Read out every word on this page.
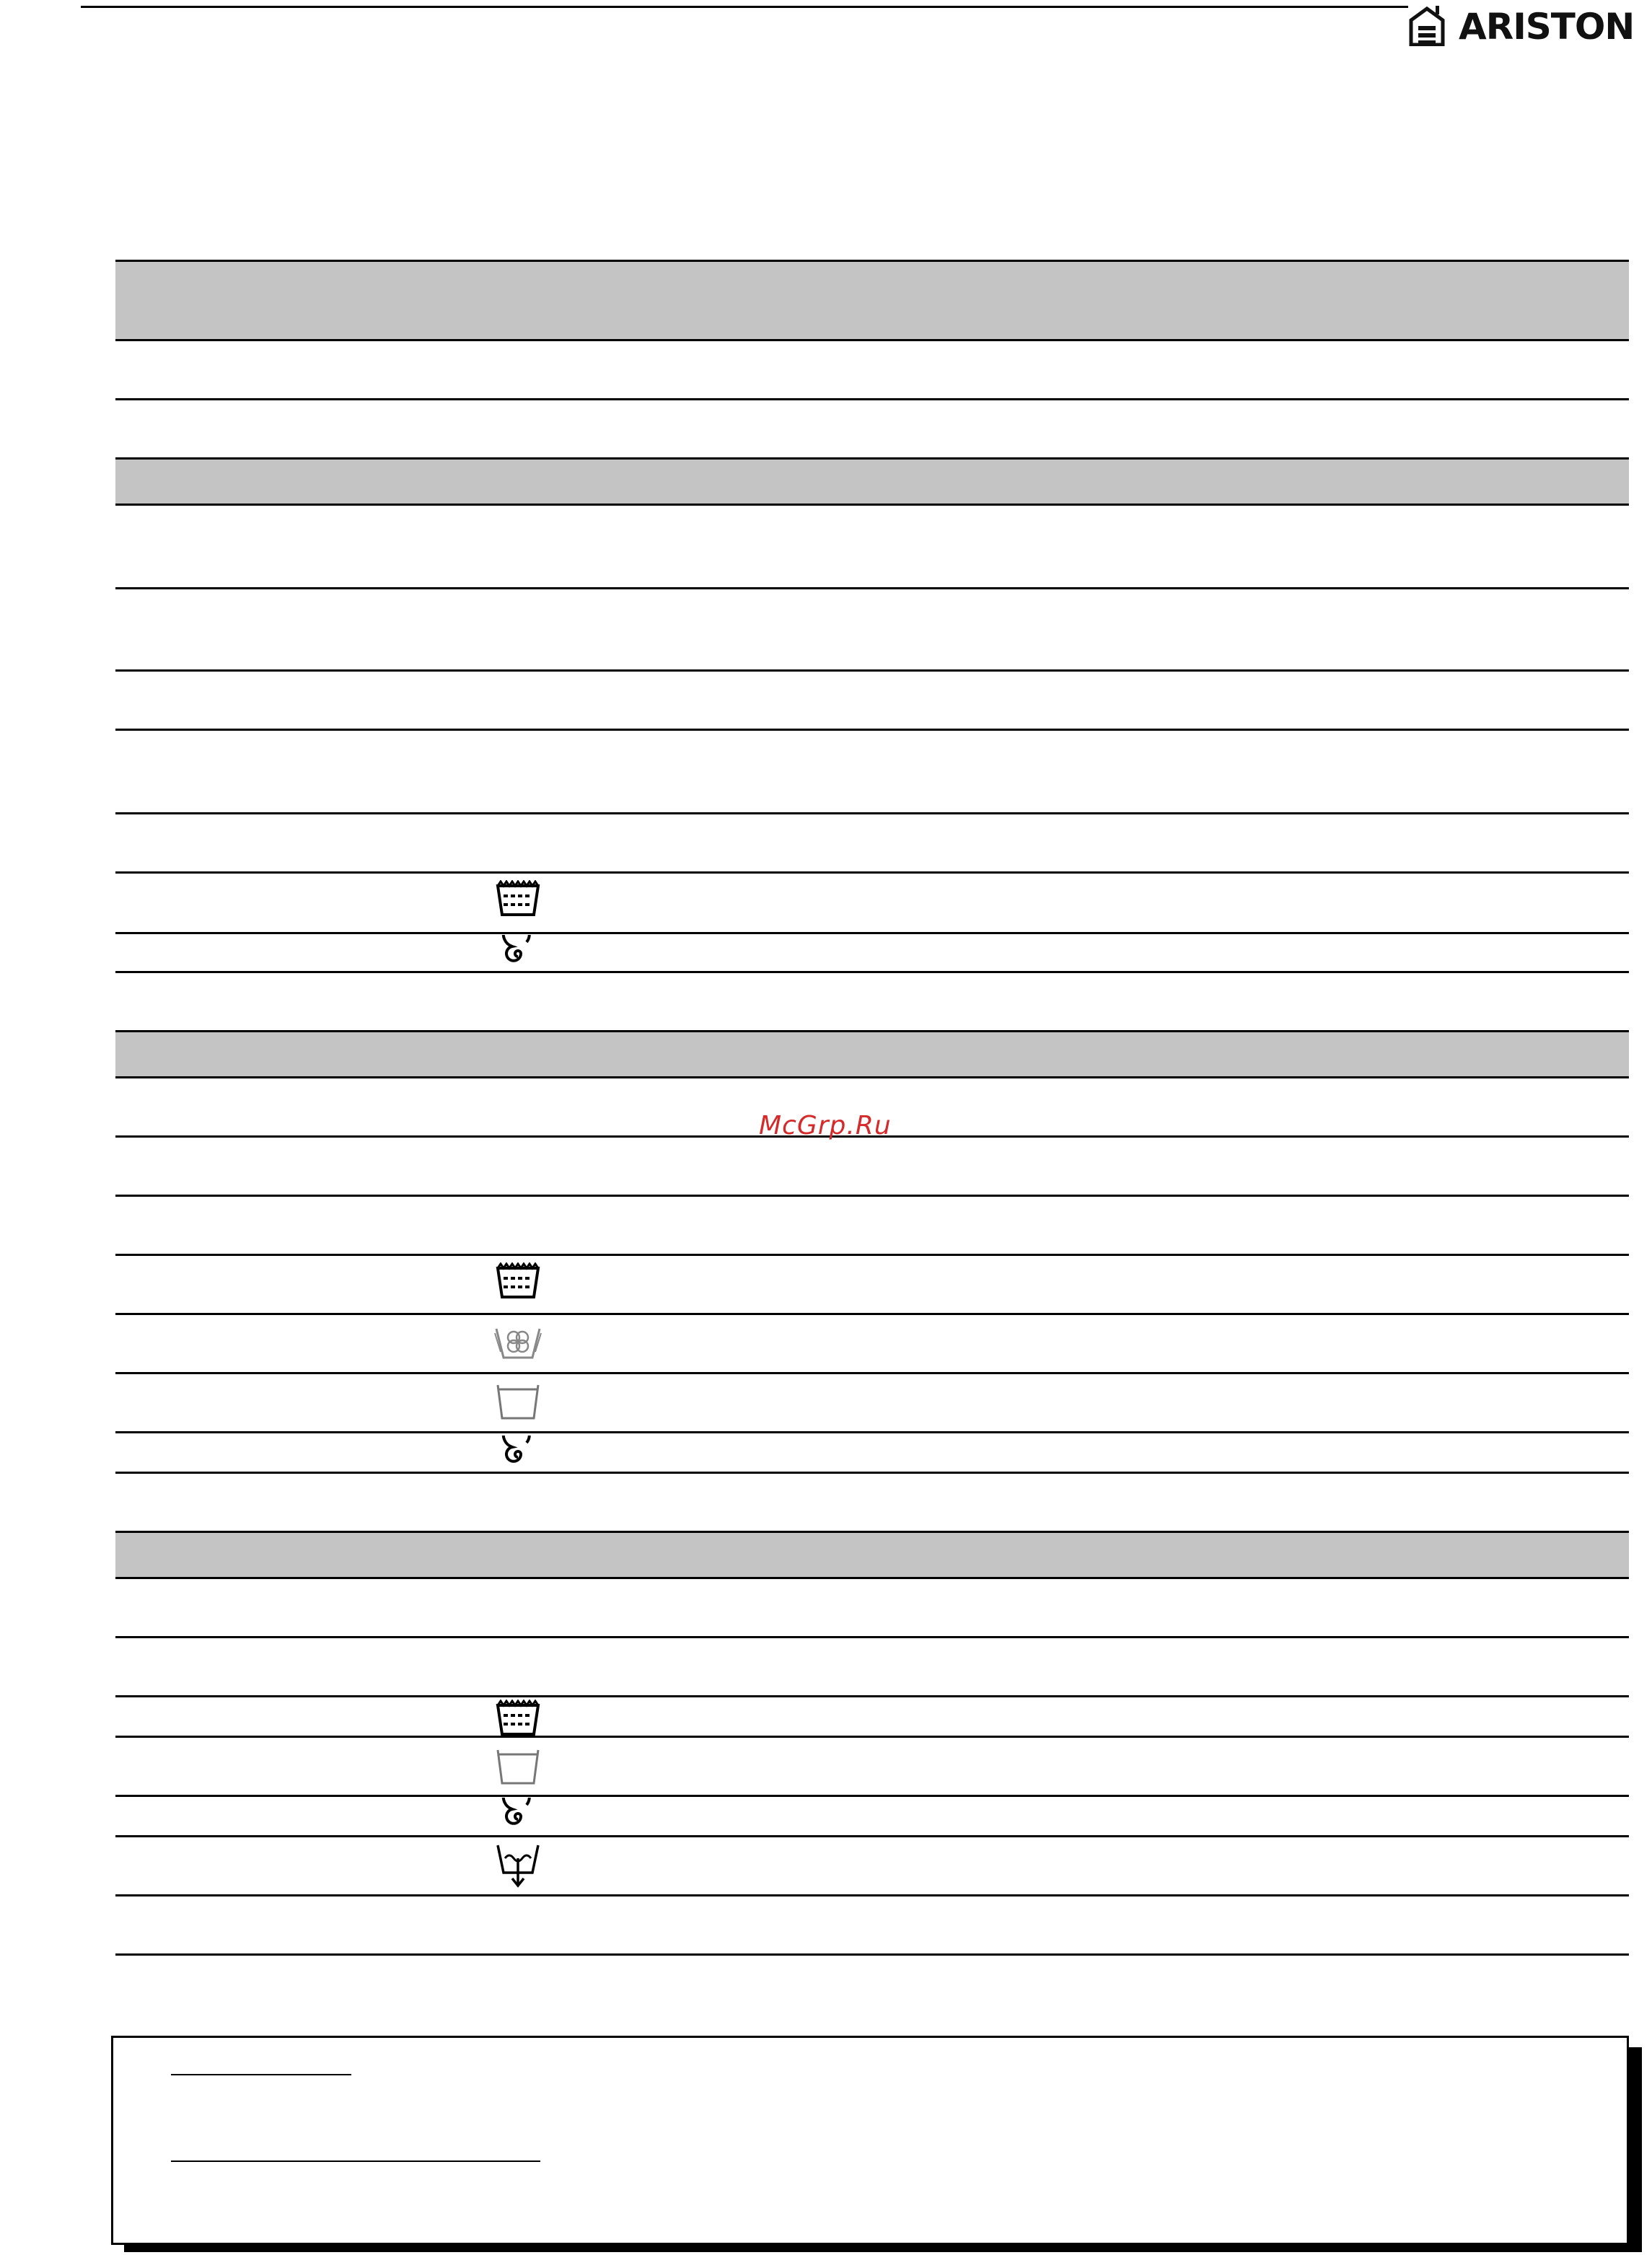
ARISTON
McGrp.Ru
